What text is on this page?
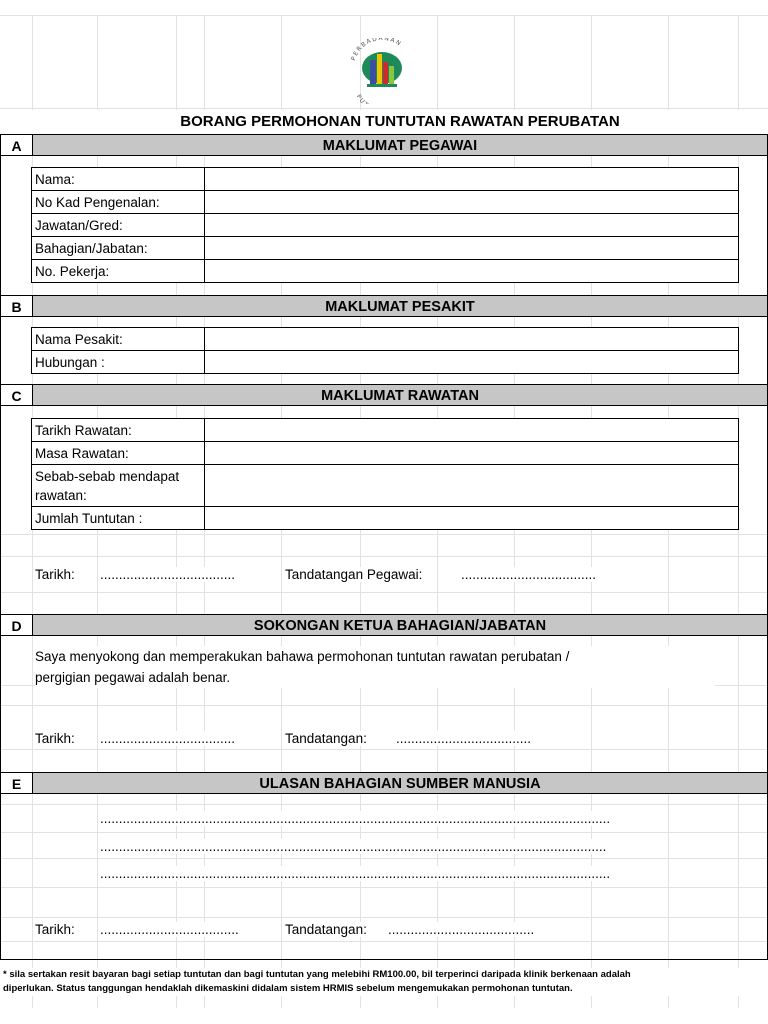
PERBADANAN
PU
BORANG PERMOHONAN TUNTUTAN RAWATAN PERUBATAN
A	MAKLUMAT PEGAWAI
Nama:	
No Kad Pengenalan:	
Jawatan/Gred:	
Bahagian/Jabatan:	
No. Pekerja:	
B	MAKLUMAT PESAKIT
Nama Pesakit:	
Hubungan :	
C	MAKLUMAT RAWATAN
Tarikh Rawatan:	
Masa Rawatan:	
Sebab-sebab mendapat rawatan:	
Jumlah Tuntutan :	
Tarikh: ....................................	Tandatangan Pegawai:	....................................
D	SOKONGAN KETUA BAHAGIAN/JABATAN
Saya menyokong dan memperakukan bahawa permohonan tuntutan rawatan perubatan /
pergigian pegawai adalah benar.
Tarikh: ....................................	Tandatangan: ....................................
E	ULASAN BAHAGIAN SUMBER MANUSIA
........................................................................................................................................
.......................................................................................................................................
........................................................................................................................................
Tarikh: .....................................	Tandatangan: .......................................
* sila sertakan resit bayaran bagi setiap tuntutan dan bagi tuntutan yang melebihi RM100.00, bil terperinci daripada klinik berkenaan adalah
diperlukan. Status tanggungan hendaklah dikemaskini didalam sistem HRMIS sebelum mengemukakan permohonan tuntutan.
